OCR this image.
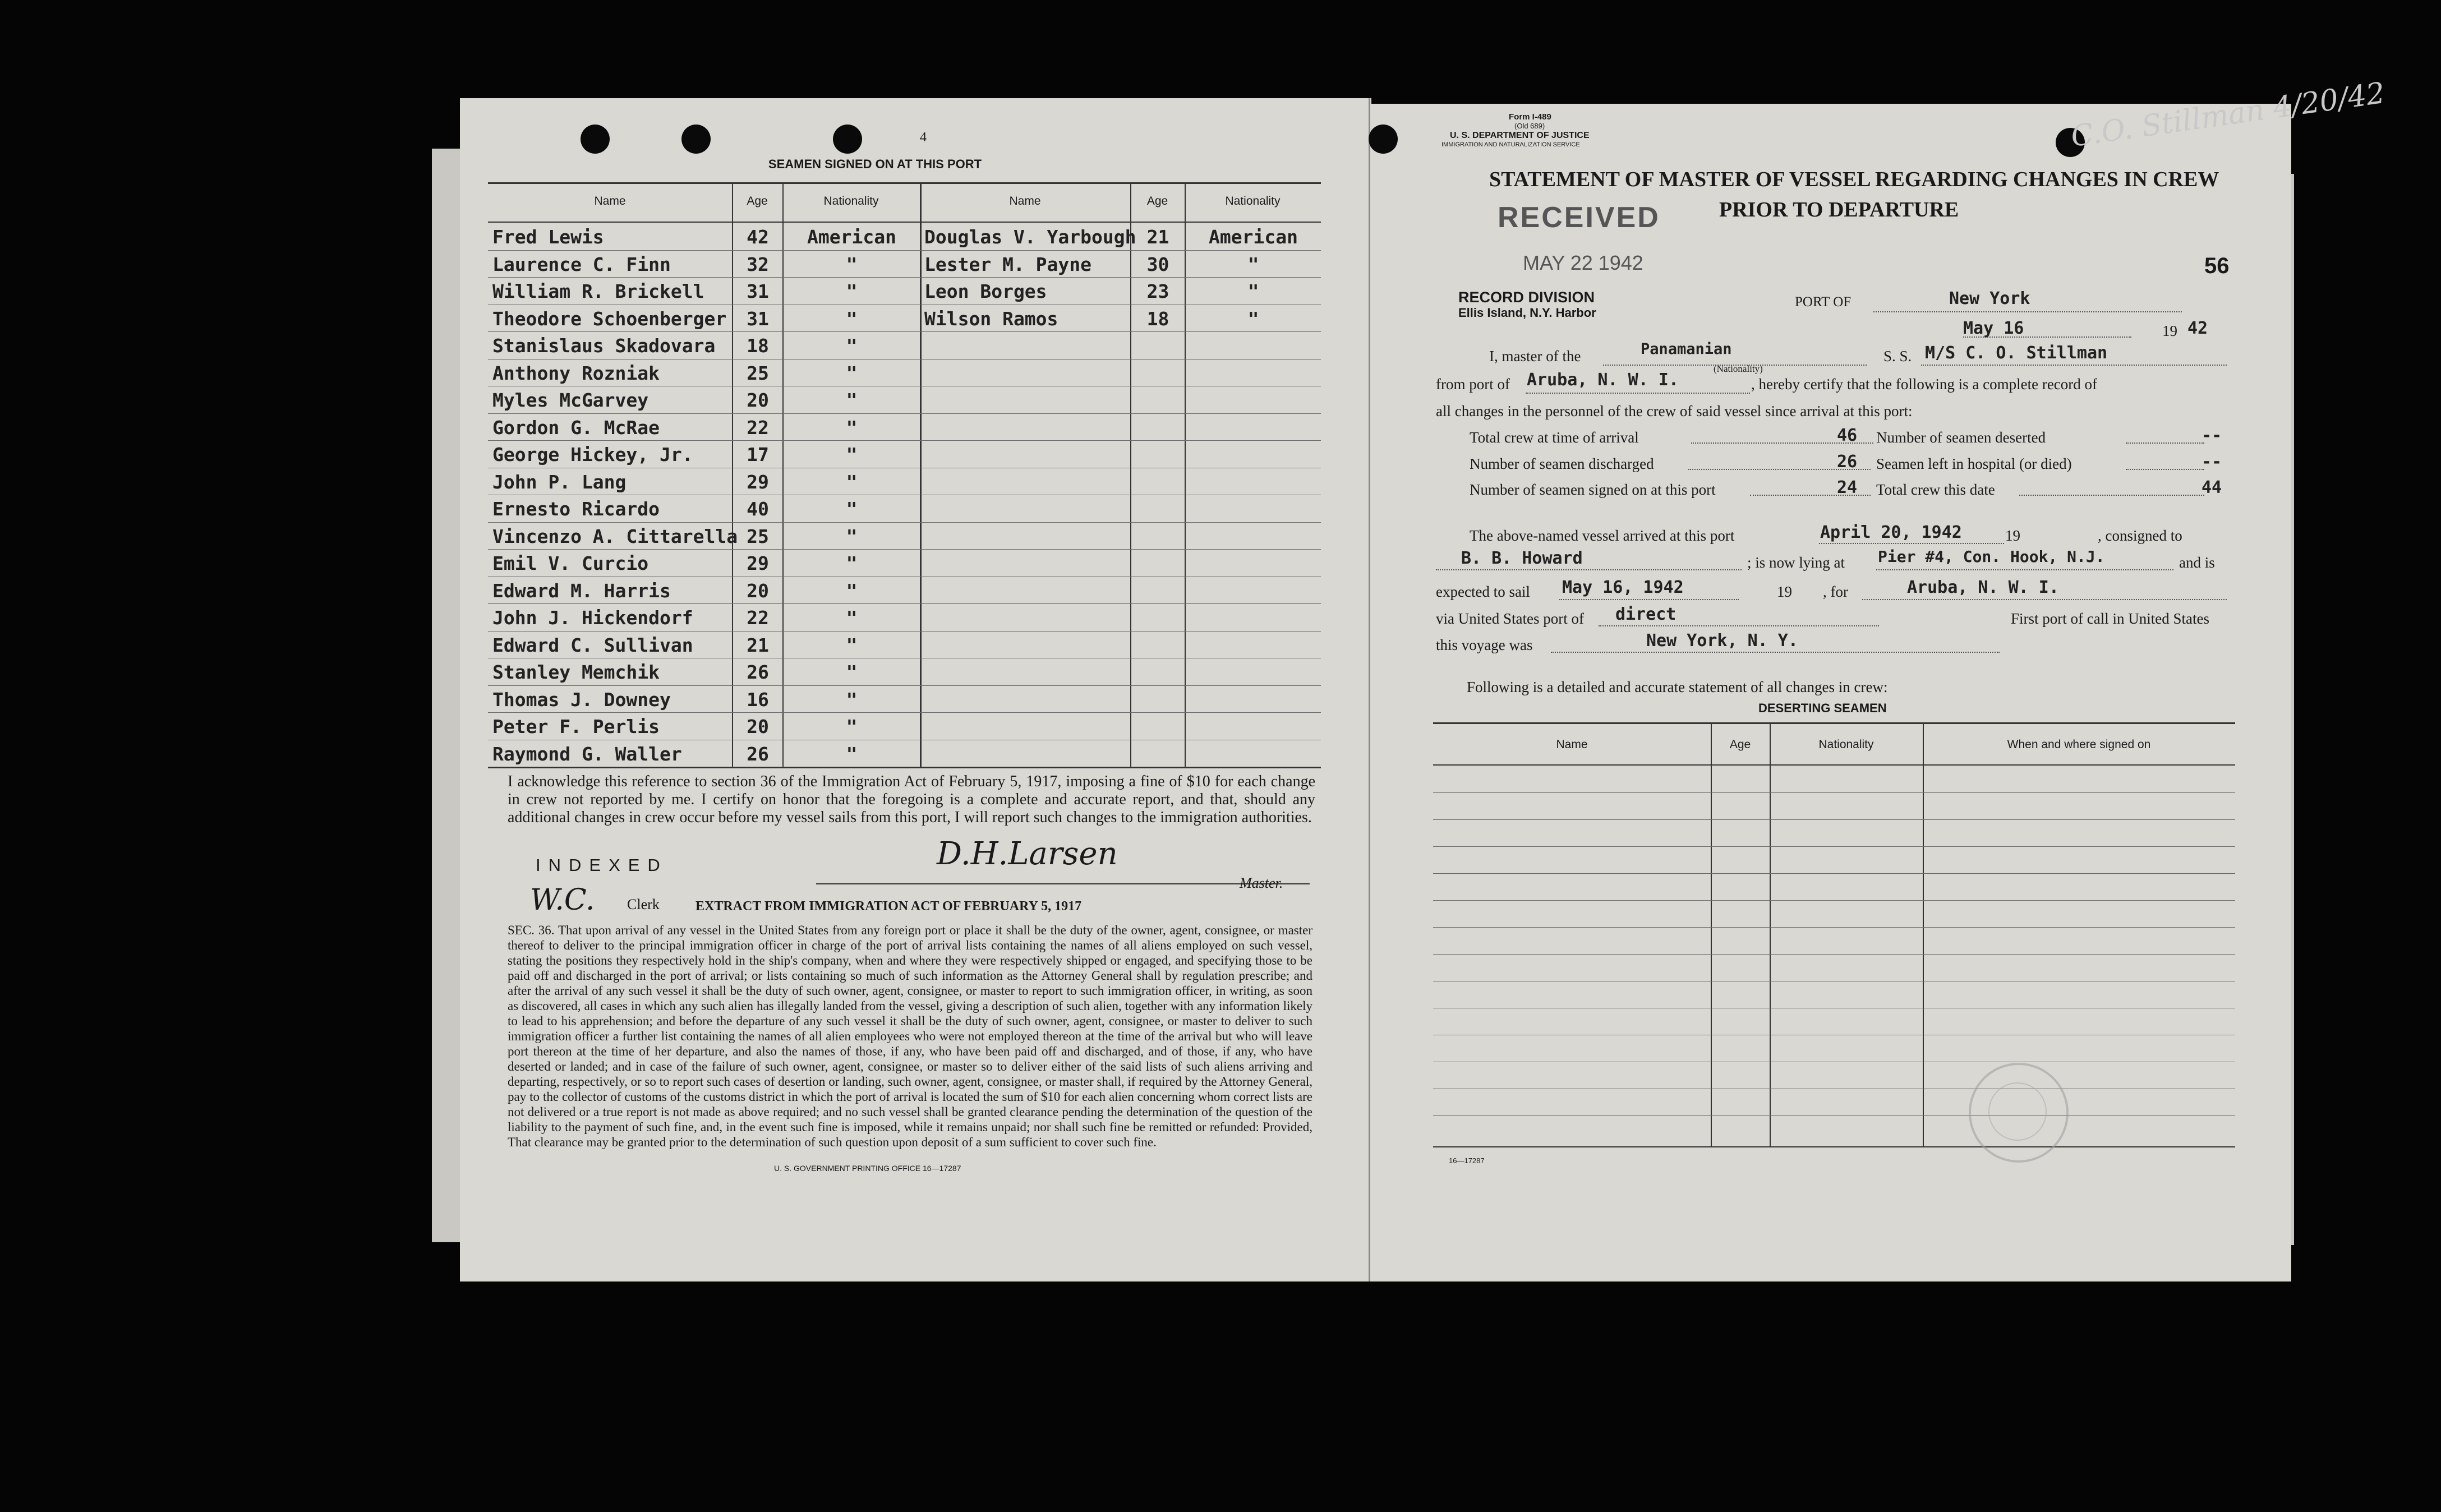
4
SEAMEN SIGNED ON AT THIS PORT
Name	Age	Nationality	Name	Age	Nationality
Fred Lewis	42	American	Douglas V. Yarbough 21	American
Laurence C. Finn	32	"	Lester M. Payne	30	"
William R. Brickell	31	"	Leon Borges	23	"
Theodore Schoenberger	31	"	Wilson Ramos	18	"
Stanislaus Skadovara	18	"
Anthony Rozniak	25	"
Myles McGarvey	20	"
Gordon G. McRae	22	"
George Hickey, Jr.	17	"
John P. Lang	29	"
Ernesto Ricardo	40	"
Vincenzo A. Cittarella 25	"
Emil V. Curcio	29	"
Edward M. Harris	20	"
John J. Hickendorf	22	"
Edward C. Sullivan	21	"
Stanley Memchik	26	"
Thomas J. Downey	16	"
Peter F. Perlis	20	"
Raymond G. Waller	26	"
I acknowledge this reference to section 36 of the Immigration Act of February 5, 1917, imposing a fine of $10 for each change in crew not reported by me. I certify on honor that the foregoing is a complete and accurate report, and that, should any additional changes in crew occur before my vessel sails from this port, I will report such changes to the immigration authorities.
INDEXED
W.C. Clerk
D.H.Larsen
Master.
EXTRACT FROM IMMIGRATION ACT OF FEBRUARY 5, 1917
SEC. 36. That upon arrival of any vessel in the United States from any foreign port or place it shall be the duty of the owner, agent, consignee, or master thereof to deliver to the principal immigration officer in charge of the port of arrival lists containing the names of all aliens employed on such vessel, stating the positions they respectively hold in the ship's company, when and where they were respectively shipped or engaged, and specifying those to be paid off and discharged in the port of arrival; or lists containing so much of such information as the Attorney General shall by regulation prescribe; and after the arrival of any such vessel it shall be the duty of such owner, agent, consignee, or master to report to such immigration officer, in writing, as soon as discovered, all cases in which any such alien has illegally landed from the vessel, giving a description of such alien, together with any information likely to lead to his apprehension; and before the departure of any such vessel it shall be the duty of such owner, agent, consignee, or master to deliver to such immigration officer a further list containing the names of all alien employees who were not employed thereon at the time of the arrival but who will leave port thereon at the time of her departure, and also the names of those, if any, who have been paid off and discharged, and of those, if any, who have deserted or landed; and in case of the failure of such owner, agent, consignee, or master so to deliver either of the said lists of such aliens arriving and departing, respectively, or so to report such cases of desertion or landing, such owner, agent, consignee, or master shall, if required by the Attorney General, pay to the collector of customs of the customs district in which the port of arrival is located the sum of $10 for each alien concerning whom correct lists are not delivered or a true report is not made as above required; and no such vessel shall be granted clearance pending the determination of the question of the liability to the payment of such fine, and, in the event such fine is imposed, while it remains unpaid; nor shall such fine be remitted or refunded: Provided, That clearance may be granted prior to the determination of such question upon deposit of a sum sufficient to cover such fine.
U. S. GOVERNMENT PRINTING OFFICE 16—17287
Form I-489
(Old 689)
U. S. DEPARTMENT OF JUSTICE
IMMIGRATION AND NATURALIZATION SERVICE
STATEMENT OF MASTER OF VESSEL REGARDING CHANGES IN CREW
PRIOR TO DEPARTURE
RECEIVED
MAY 22 1942
RECORD DIVISION
Ellis Island, N.Y. Harbor
C.O. Stillman 4/20/42
56
PORT OF	New York
May 16	19 42
I, master of the	Panamanian
(Nationality)
S. S. M/S C. O. Stillman
from port of Aruba, N. W. I.	, hereby certify that the following is a complete record of
all changes in the personnel of the crew of said vessel since arrival at this port:
Total crew at time of arrival	46
Number of seamen discharged	26
Number of seamen signed on at this port	24
Number of seamen deserted	--
Seamen left in hospital (or died)	--
Total crew this date	44
The above-named vessel arrived at this port	April 20, 1942	19	, consigned to
B. B. Howard	; is now lying at Pier #4, Con. Hook, N.J.	and is
expected to sail May 16, 1942	19 , for	Aruba, N. W. I.
via United States port of direct	First port of call in United States
this voyage was	New York, N. Y.
Following is a detailed and accurate statement of all changes in crew:
DESERTING SEAMEN
Name	Age	Nationality	When and where signed on
16—17287
